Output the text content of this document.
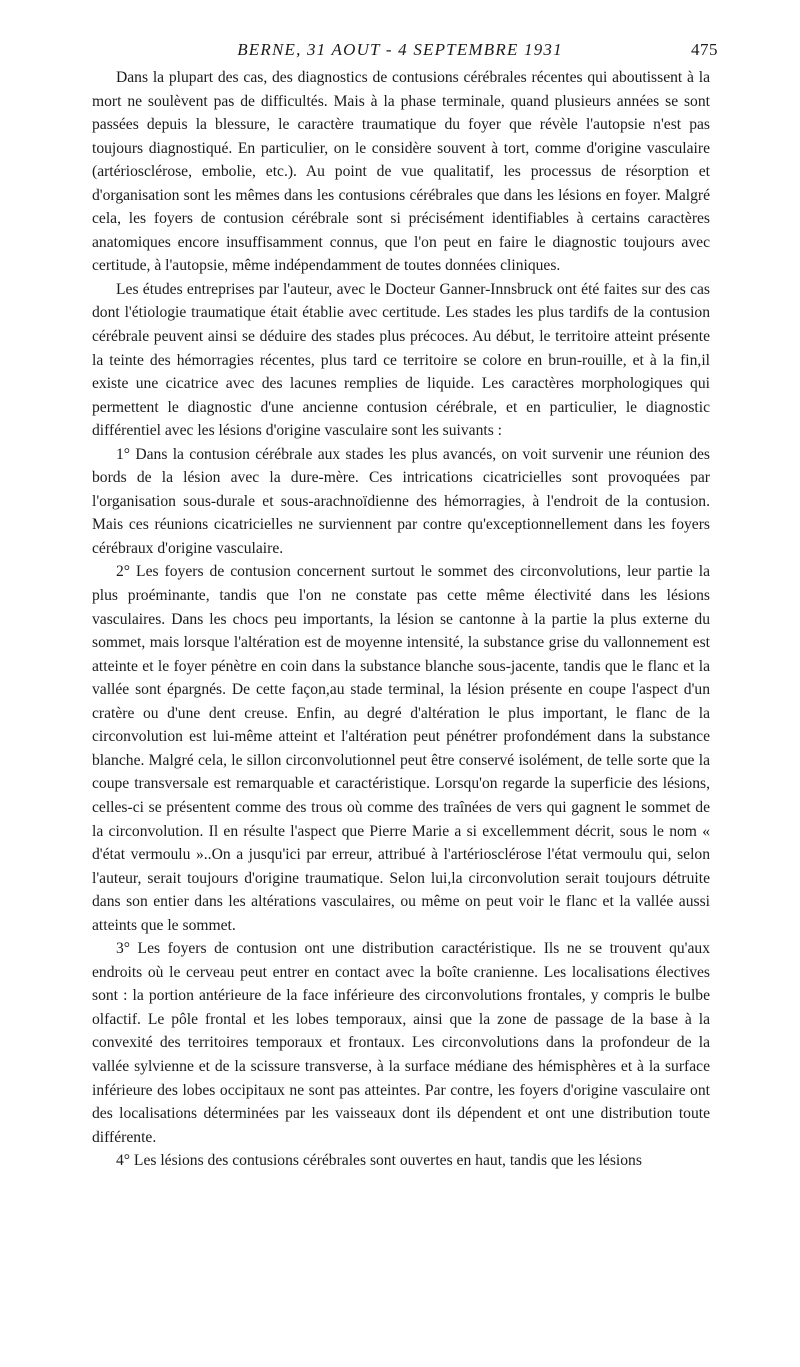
BERNE, 31 AOUT - 4 SEPTEMBRE 1931	475

Dans la plupart des cas, des diagnostics de contusions cérébrales récentes qui aboutissent à la mort ne soulèvent pas de difficultés. Mais à la phase terminale, quand plusieurs années se sont passées depuis la blessure, le caractère traumatique du foyer que révèle l'autopsie n'est pas toujours diagnostiqué. En particulier, on le considère souvent à tort, comme d'origine vasculaire (artériosclérose, embolie, etc.). Au point de vue qualitatif, les processus de résorption et d'organisation sont les mêmes dans les contusions cérébrales que dans les lésions en foyer. Malgré cela, les foyers de contusion cérébrale sont si précisément identifiables à certains caractères anatomiques encore insuffisamment connus, que l'on peut en faire le diagnostic toujours avec certitude, à l'autopsie, même indépendamment de toutes données cliniques.

Les études entreprises par l'auteur, avec le Docteur Ganner-Innsbruck ont été faites sur des cas dont l'étiologie traumatique était établie avec certitude. Les stades les plus tardifs de la contusion cérébrale peuvent ainsi se déduire des stades plus précoces. Au début, le territoire atteint présente la teinte des hémorragies récentes, plus tard ce territoire se colore en brun-rouille, et à la fin,il existe une cicatrice avec des lacunes remplies de liquide. Les caractères morphologiques qui permettent le diagnostic d'une ancienne contusion cérébrale, et en particulier, le diagnostic différentiel avec les lésions d'origine vasculaire sont les suivants :

1° Dans la contusion cérébrale aux stades les plus avancés, on voit survenir une réunion des bords de la lésion avec la dure-mère. Ces intrications cicatricielles sont provoquées par l'organisation sous-durale et sous-arachnoïdienne des hémorragies, à l'endroit de la contusion. Mais ces réunions cicatricielles ne surviennent par contre qu'exceptionnellement dans les foyers cérébraux d'origine vasculaire.

2° Les foyers de contusion concernent surtout le sommet des circonvolutions, leur partie la plus proéminante, tandis que l'on ne constate pas cette même électivité dans les lésions vasculaires. Dans les chocs peu importants, la lésion se cantonne à la partie la plus externe du sommet, mais lorsque l'altération est de moyenne intensité, la substance grise du vallonnement est atteinte et le foyer pénètre en coin dans la substance blanche sous-jacente, tandis que le flanc et la vallée sont épargnés. De cette façon,au stade terminal, la lésion présente en coupe l'aspect d'un cratère ou d'une dent creuse. Enfin, au degré d'altération le plus important, le flanc de la circonvolution est lui-même atteint et l'altération peut pénétrer profondément dans la substance blanche. Malgré cela, le sillon circonvolutionnel peut être conservé isolément, de telle sorte que la coupe transversale est remarquable et caractéristique. Lorsqu'on regarde la superficie des lésions, celles-ci se présentent comme des trous où comme des traînées de vers qui gagnent le sommet de la circonvolution. Il en résulte l'aspect que Pierre Marie a si excellemment décrit, sous le nom « d'état vermoulu »..On a jusqu'ici par erreur, attribué à l'artériosclérose l'état vermoulu qui, selon l'auteur, serait toujours d'origine traumatique. Selon lui,la circonvolution serait toujours détruite dans son entier dans les altérations vasculaires, ou même on peut voir le flanc et la vallée aussi atteints que le sommet.

3° Les foyers de contusion ont une distribution caractéristique. Ils ne se trouvent qu'aux endroits où le cerveau peut entrer en contact avec la boîte cranienne. Les localisations électives sont : la portion antérieure de la face inférieure des circonvolutions frontales, y compris le bulbe olfactif. Le pôle frontal et les lobes temporaux, ainsi que la zone de passage de la base à la convexité des territoires temporaux et frontaux. Les circonvolutions dans la profondeur de la vallée sylvienne et de la scissure transverse, à la surface médiane des hémisphères et à la surface inférieure des lobes occipitaux ne sont pas atteintes. Par contre, les foyers d'origine vasculaire ont des localisations déterminées par les vaisseaux dont ils dépendent et ont une distribution toute différente.

4° Les lésions des contusions cérébrales sont ouvertes en haut, tandis que les lésions
